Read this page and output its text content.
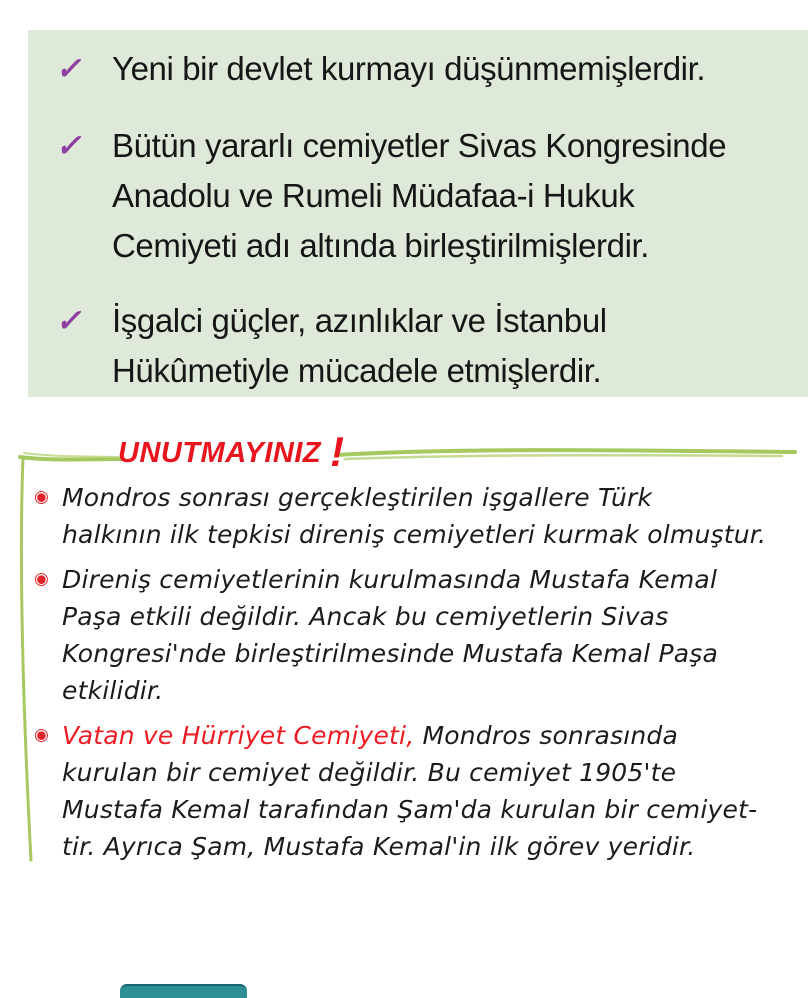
✓ Yeni bir devlet kurmayı düşünmemişlerdir.
✓ Bütün yararlı cemiyetler Sivas Kongresinde
Anadolu ve Rumeli Müdafaa-i Hukuk
Cemiyeti adı altında birleştirilmişlerdir.
✓ İşgalci güçler, azınlıklar ve İstanbul
Hükûmetiyle mücadele etmişlerdir.
UNUTMAYINIZ !
◉ Mondros sonrası gerçekleştirilen işgallere Türk
halkının ilk tepkisi direniş cemiyetleri kurmak olmuştur.
◉ Direniş cemiyetlerinin kurulmasında Mustafa Kemal
Paşa etkili değildir. Ancak bu cemiyetlerin Sivas
Kongresi'nde birleştirilmesinde Mustafa Kemal Paşa
etkilidir.
◉ Vatan ve Hürriyet Cemiyeti, Mondros sonrasında
kurulan bir cemiyet değildir. Bu cemiyet 1905'te
Mustafa Kemal tarafından Şam'da kurulan bir cemiyet-
tir. Ayrıca Şam, Mustafa Kemal'in ilk görev yeridir.
